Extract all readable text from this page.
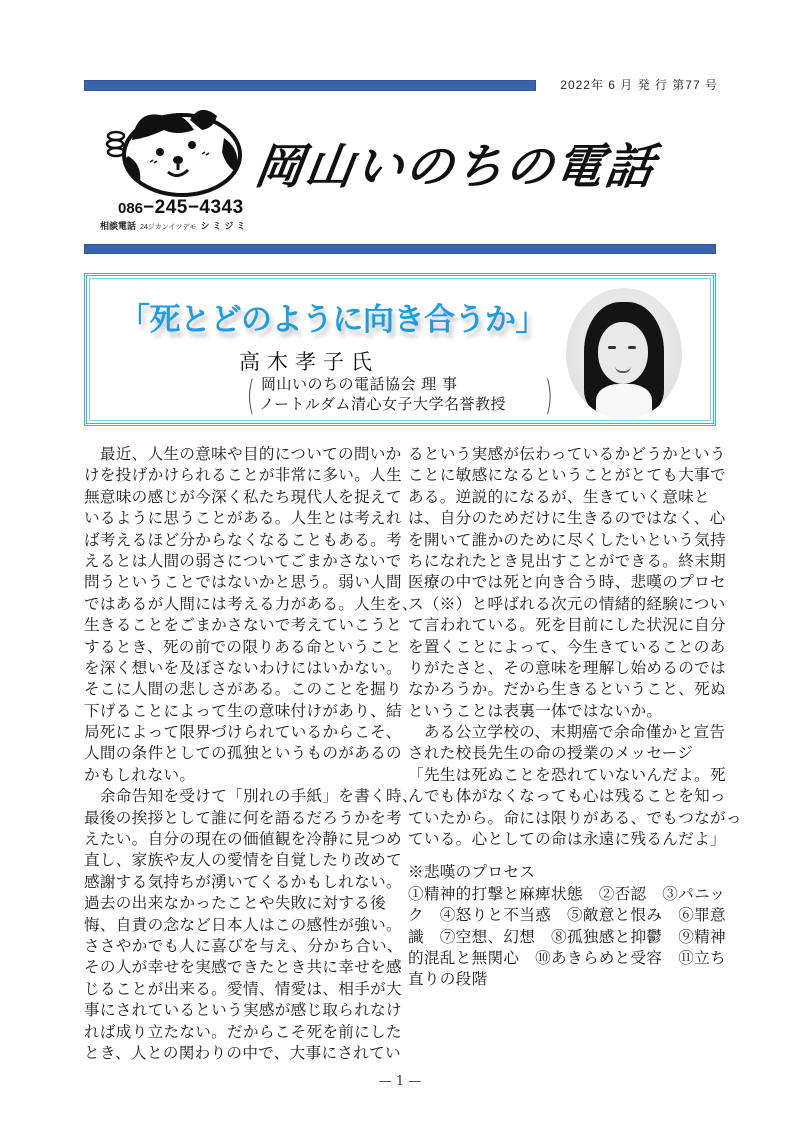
2022年 6 月 発 行 第77 号
岡山いのちの電話
086−245−4343
相談電話 24ジカンイツデモ シミジミ
「死とどのように向き合うか」
高木孝子氏
( 岡山いのちの電話協会 理 事
ノートルダム清心女子大学名誉教授 )
　最近、人生の意味や目的についての問いか
けを投げかけられることが非常に多い。人生
無意味の感じが今深く私たち現代人を捉えて
いるように思うことがある。人生とは考えれ
ば考えるほど分からなくなることもある。考
えるとは人間の弱さについてごまかさないで
問うということではないかと思う。弱い人間
ではあるが人間には考える力がある。人生を、
生きることをごまかさないで考えていこうと
するとき、死の前での限りある命ということ
を深く想いを及ぼさないわけにはいかない。
そこに人間の悲しさがある。このことを掘り
下げることによって生の意味付けがあり、結
局死によって限界づけられているからこそ、
人間の条件としての孤独というものがあるの
かもしれない。
　余命告知を受けて「別れの手紙」を書く時、
最後の挨拶として誰に何を語るだろうかを考
えたい。自分の現在の価値観を冷静に見つめ
直し、家族や友人の愛情を自覚したり改めて
感謝する気持ちが湧いてくるかもしれない。
過去の出来なかったことや失敗に対する後
悔、自責の念など日本人はこの感性が強い。
ささやかでも人に喜びを与え、分かち合い、
その人が幸せを実感できたとき共に幸せを感
じることが出来る。愛情、情愛は、相手が大
事にされているという実感が感じ取られなけ
れば成り立たない。だからこそ死を前にした
とき、人との関わりの中で、大事にされてい
るという実感が伝わっているかどうかという
ことに敏感になるということがとても大事で
ある。逆説的になるが、生きていく意味と
は、自分のためだけに生きるのではなく、心
を開いて誰かのために尽くしたいという気持
ちになれたとき見出すことができる。終末期
医療の中では死と向き合う時、悲嘆のプロセ
ス（※）と呼ばれる次元の情緒的経験につい
て言われている。死を目前にした状況に自分
を置くことによって、今生きていることのあ
りがたさと、その意味を理解し始めるのでは
なかろうか。だから生きるということ、死ぬ
ということは表裏一体ではないか。
　ある公立学校の、末期癌で余命僅かと宣告
された校長先生の命の授業のメッセージ
「先生は死ぬことを恐れていないんだよ。死
んでも体がなくなっても心は残ることを知っ
ていたから。命には限りがある、でもつながっ
ている。心としての命は永遠に残るんだよ」
※悲嘆のプロセス
①精神的打撃と麻痺状態　②否認　③パニッ
ク　④怒りと不当惑　⑤敵意と恨み　⑥罪意
識　⑦空想、幻想　⑧孤独感と抑鬱　⑨精神
的混乱と無関心　⑩あきらめと受容　⑪立ち
直りの段階
— 1 —
